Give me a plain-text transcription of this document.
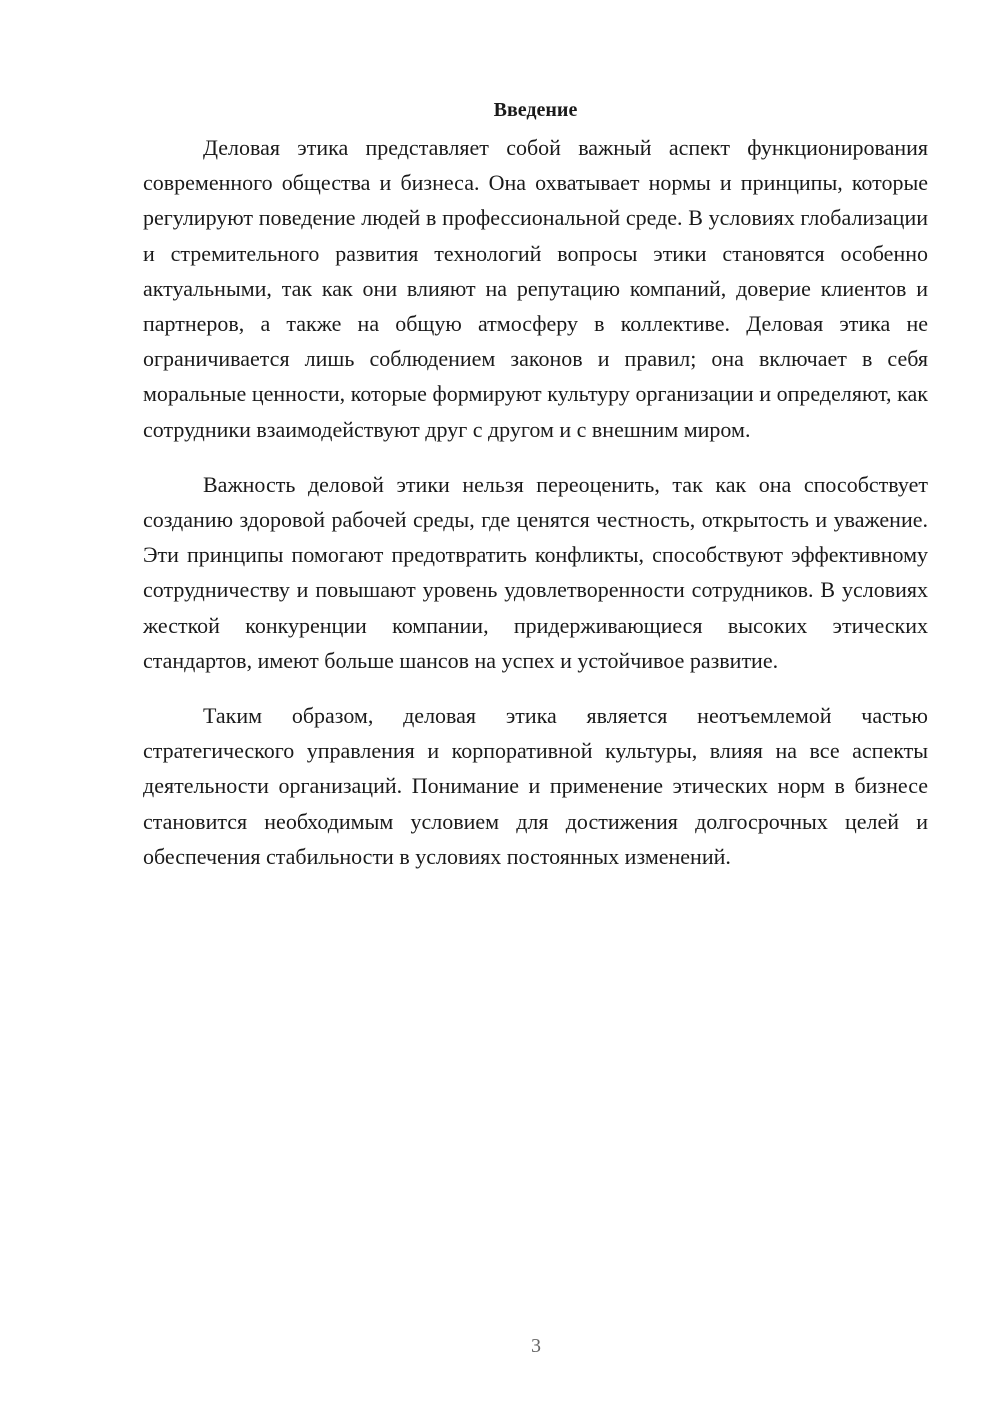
Введение

Деловая этика представляет собой важный аспект функционирования современного общества и бизнеса. Она охватывает нормы и принципы, которые регулируют поведение людей в профессиональной среде. В условиях глобализации и стремительного развития технологий вопросы этики становятся особенно актуальными, так как они влияют на репутацию компаний, доверие клиентов и партнеров, а также на общую атмосферу в коллективе. Деловая этика не ограничивается лишь соблюдением законов и правил; она включает в себя моральные ценности, которые формируют культуру организации и определяют, как сотрудники взаимодействуют друг с другом и с внешним миром.

Важность деловой этики нельзя переоценить, так как она способствует созданию здоровой рабочей среды, где ценятся честность, открытость и уважение. Эти принципы помогают предотвратить конфликты, способствуют эффективному сотрудничеству и повышают уровень удовлетворенности сотрудников. В условиях жесткой конкуренции компании, придерживающиеся высоких этических стандартов, имеют больше шансов на успех и устойчивое развитие.

Таким образом, деловая этика является неотъемлемой частью стратегического управления и корпоративной культуры, влияя на все аспекты деятельности организаций. Понимание и применение этических норм в бизнесе становится необходимым условием для достижения долгосрочных целей и обеспечения стабильности в условиях постоянных изменений.

3
